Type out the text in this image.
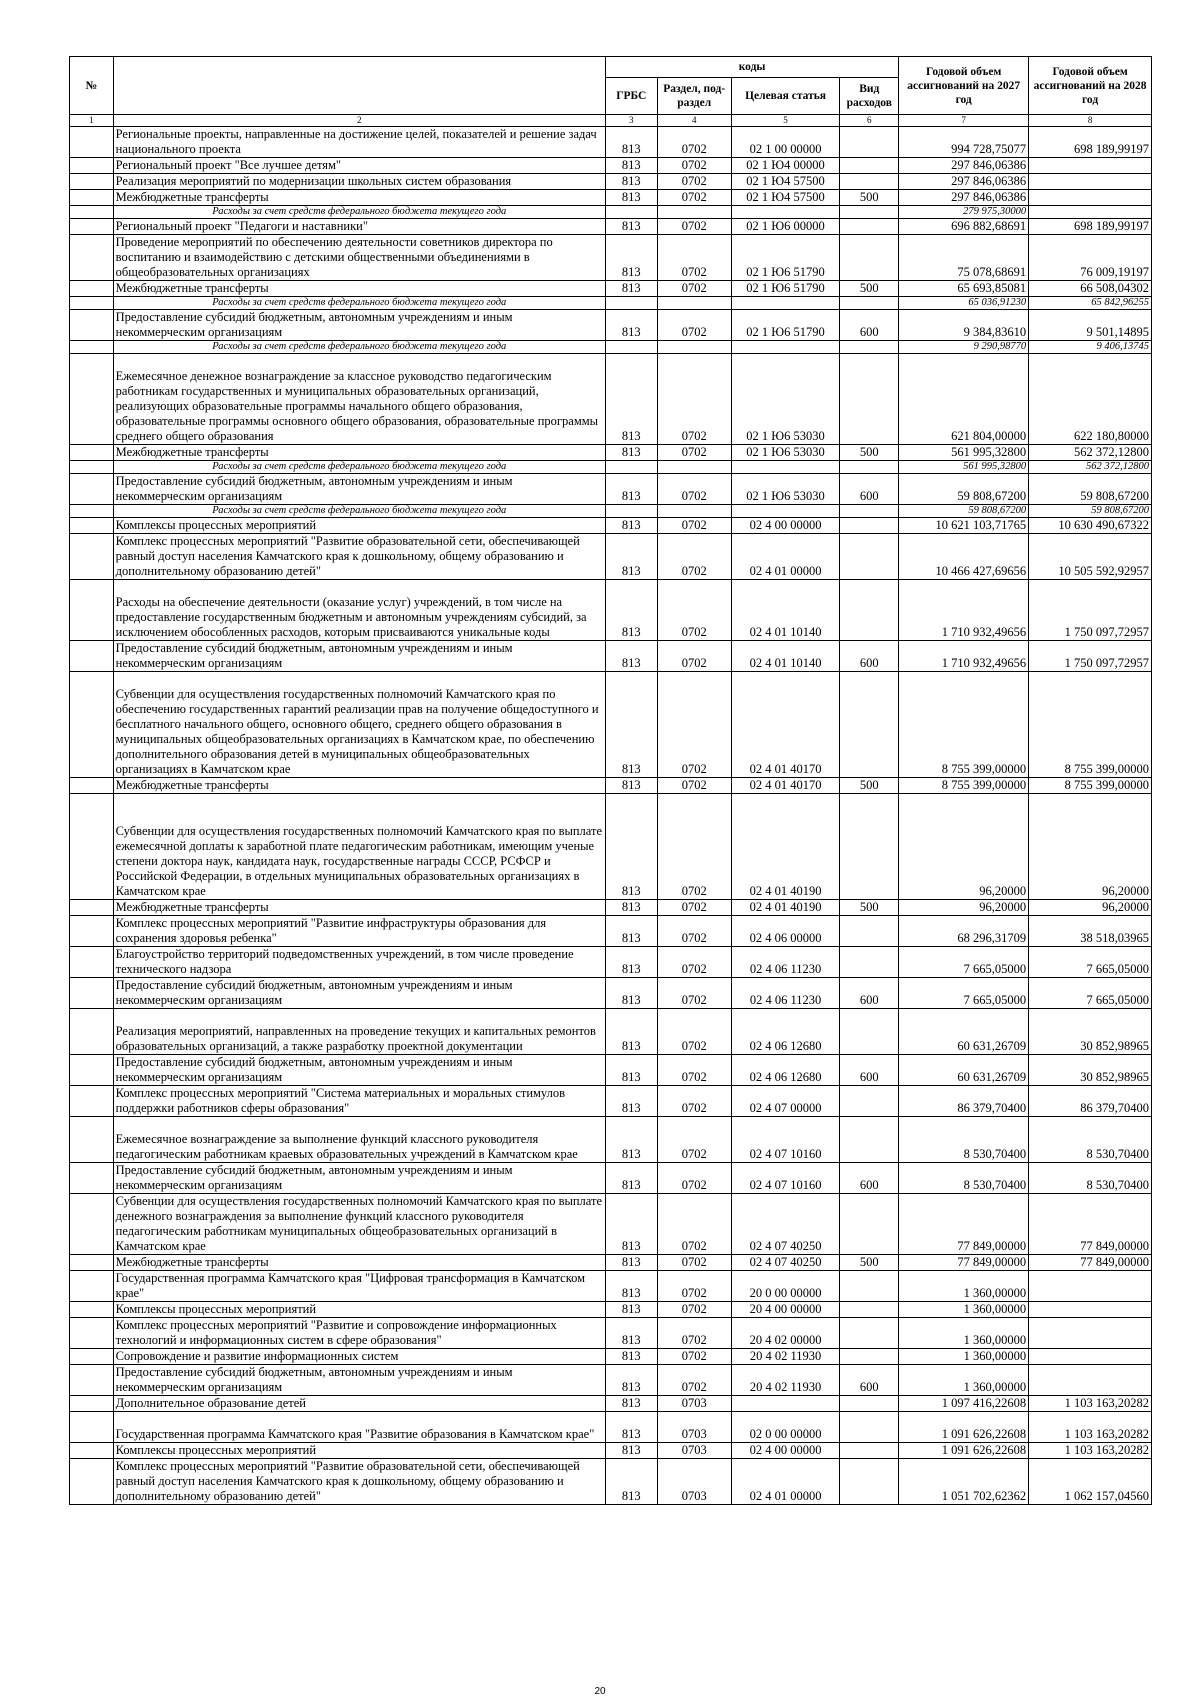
№		коды				Годовой объем ассигнований на 2027 год	Годовой объем ассигнований на 2028 год
		ГРБС	Раздел, под-раздел	Целевая статья	Вид расходов		
1	2	3	4	5	6	7	8
	Региональные проекты, направленные на достижение целей, показателей и решение задач национального проекта	813	0702	02 1 00 00000		994 728,75077	698 189,99197
	Региональный проект "Все лучшее детям"	813	0702	02 1 Ю4 00000		297 846,06386	
	Реализация мероприятий по модернизации школьных систем образования	813	0702	02 1 Ю4 57500		297 846,06386	
	Межбюджетные трансферты	813	0702	02 1 Ю4 57500	500	297 846,06386	
	Расходы за счет средств федерального бюджета текущего года					279 975,30000	
	Региональный проект "Педагоги и наставники"	813	0702	02 1 Ю6 00000		696 882,68691	698 189,99197
	Проведение мероприятий по обеспечению деятельности советников директора по воспитанию и взаимодействию с детскими общественными объединениями в общеобразовательных организациях	813	0702	02 1 Ю6 51790		75 078,68691	76 009,19197
	Межбюджетные трансферты	813	0702	02 1 Ю6 51790	500	65 693,85081	66 508,04302
	Расходы за счет средств федерального бюджета текущего года					65 036,91230	65 842,96255
	Предоставление субсидий бюджетным, автономным учреждениям и иным некоммерческим организациям	813	0702	02 1 Ю6 51790	600	9 384,83610	9 501,14895
	Расходы за счет средств федерального бюджета текущего года					9 290,98770	9 406,13745
	Ежемесячное денежное вознаграждение за классное руководство педагогическим работникам государственных и муниципальных образовательных организаций, реализующих образовательные программы начального общего образования, образовательные программы основного общего образования, образовательные программы среднего общего образования	813	0702	02 1 Ю6 53030		621 804,00000	622 180,80000
	Межбюджетные трансферты	813	0702	02 1 Ю6 53030	500	561 995,32800	562 372,12800
	Расходы за счет средств федерального бюджета текущего года					561 995,32800	562 372,12800
	Предоставление субсидий бюджетным, автономным учреждениям и иным некоммерческим организациям	813	0702	02 1 Ю6 53030	600	59 808,67200	59 808,67200
	Расходы за счет средств федерального бюджета текущего года					59 808,67200	59 808,67200
	Комплексы процессных мероприятий	813	0702	02 4 00 00000		10 621 103,71765	10 630 490,67322
	Комплекс процессных мероприятий "Развитие образовательной сети, обеспечивающей равный доступ населения Камчатского края к дошкольному, общему образованию и дополнительному образованию детей"	813	0702	02 4 01 00000		10 466 427,69656	10 505 592,92957
	Расходы на обеспечение деятельности (оказание услуг) учреждений, в том числе на предоставление государственным бюджетным и автономным учреждениям субсидий, за исключением обособленных расходов, которым присваиваются уникальные коды	813	0702	02 4 01 10140		1 710 932,49656	1 750 097,72957
	Предоставление субсидий бюджетным, автономным учреждениям и иным некоммерческим организациям	813	0702	02 4 01 10140	600	1 710 932,49656	1 750 097,72957
	Субвенции для осуществления государственных полномочий Камчатского края по обеспечению государственных гарантий реализации прав на получение общедоступного и бесплатного начального общего, основного общего, среднего общего образования в муниципальных общеобразовательных организациях в Камчатском крае, по обеспечению дополнительного образования детей в муниципальных общеобразовательных организациях в Камчатском крае	813	0702	02 4 01 40170		8 755 399,00000	8 755 399,00000
	Межбюджетные трансферты	813	0702	02 4 01 40170	500	8 755 399,00000	8 755 399,00000
	Субвенции для осуществления государственных полномочий Камчатского края по выплате ежемесячной доплаты к заработной плате педагогическим работникам, имеющим ученые степени доктора наук, кандидата наук, государственные награды СССР, РСФСР и Российской Федерации, в отдельных муниципальных образовательных организациях в Камчатском крае	813	0702	02 4 01 40190		96,20000	96,20000
	Межбюджетные трансферты	813	0702	02 4 01 40190	500	96,20000	96,20000
	Комплекс процессных мероприятий "Развитие инфраструктуры образования для сохранения здоровья ребенка"	813	0702	02 4 06 00000		68 296,31709	38 518,03965
	Благоустройство территорий подведомственных учреждений, в том числе проведение технического надзора	813	0702	02 4 06 11230		7 665,05000	7 665,05000
	Предоставление субсидий бюджетным, автономным учреждениям и иным некоммерческим организациям	813	0702	02 4 06 11230	600	7 665,05000	7 665,05000
	Реализация мероприятий, направленных на проведение текущих и капитальных ремонтов образовательных организаций, а также разработку проектной документации	813	0702	02 4 06 12680		60 631,26709	30 852,98965
	Предоставление субсидий бюджетным, автономным учреждениям и иным некоммерческим организациям	813	0702	02 4 06 12680	600	60 631,26709	30 852,98965
	Комплекс процессных мероприятий "Система материальных и моральных стимулов поддержки работников сферы образования"	813	0702	02 4 07 00000		86 379,70400	86 379,70400
	Ежемесячное вознаграждение за выполнение функций классного руководителя педагогическим работникам краевых образовательных учреждений в Камчатском крае	813	0702	02 4 07 10160		8 530,70400	8 530,70400
	Предоставление субсидий бюджетным, автономным учреждениям и иным некоммерческим организациям	813	0702	02 4 07 10160	600	8 530,70400	8 530,70400
	Субвенции для осуществления государственных полномочий Камчатского края по выплате денежного вознаграждения за выполнение функций классного руководителя педагогическим работникам муниципальных общеобразовательных организаций в Камчатском крае	813	0702	02 4 07 40250		77 849,00000	77 849,00000
	Межбюджетные трансферты	813	0702	02 4 07 40250	500	77 849,00000	77 849,00000
	Государственная программа Камчатского края "Цифровая трансформация в Камчатском крае"	813	0702	20 0 00 00000		1 360,00000	
	Комплексы процессных мероприятий	813	0702	20 4 00 00000		1 360,00000	
	Комплекс процессных мероприятий "Развитие и сопровождение информационных технологий и информационных систем в сфере образования"	813	0702	20 4 02 00000		1 360,00000	
	Сопровождение и развитие информационных систем	813	0702	20 4 02 11930		1 360,00000	
	Предоставление субсидий бюджетным, автономным учреждениям и иным некоммерческим организациям	813	0702	20 4 02 11930	600	1 360,00000	
	Дополнительное образование детей	813	0703			1 097 416,22608	1 103 163,20282
	Государственная программа Камчатского края "Развитие образования в Камчатском крае"	813	0703	02 0 00 00000		1 091 626,22608	1 103 163,20282
	Комплексы процессных мероприятий	813	0703	02 4 00 00000		1 091 626,22608	1 103 163,20282
	Комплекс процессных мероприятий "Развитие образовательной сети, обеспечивающей равный доступ населения Камчатского края к дошкольному, общему образованию и дополнительному образованию детей"	813	0703	02 4 01 00000		1 051 702,62362	1 062 157,04560
20
